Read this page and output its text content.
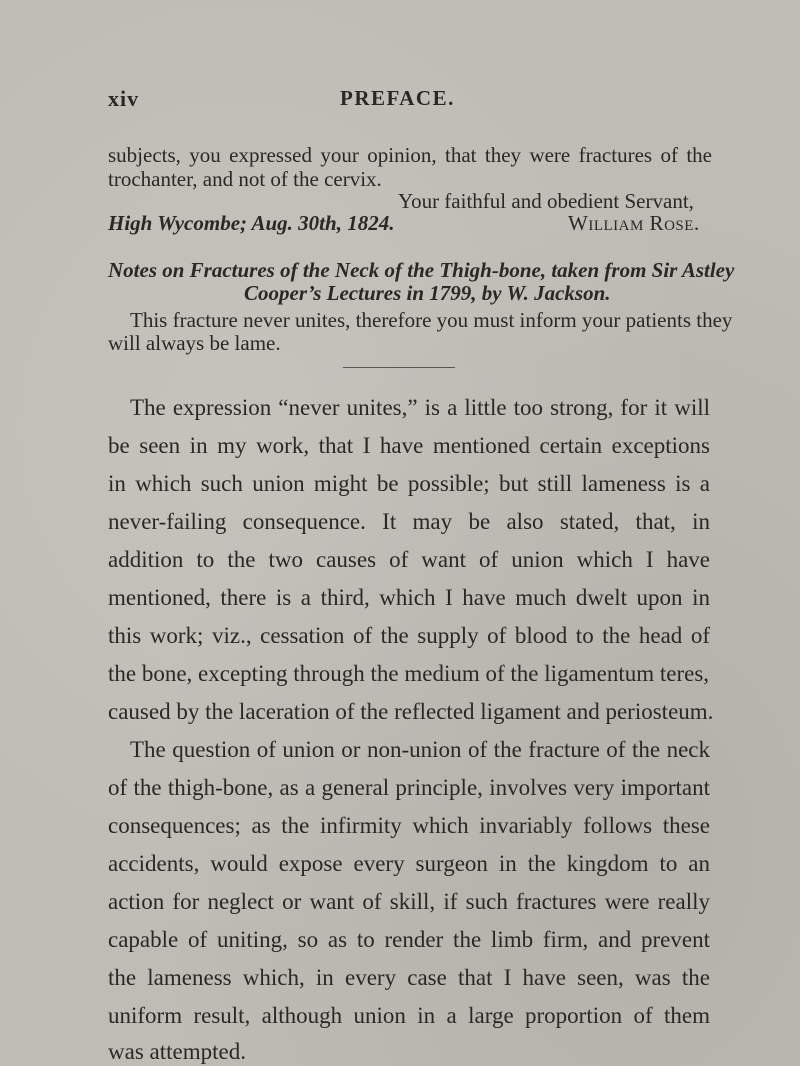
xiv	PREFACE.
subjects, you expressed your opinion, that they were fractures of the
trochanter, and not of the cervix.
Your faithful and obedient Servant,
High Wycombe; Aug. 30th, 1824.	William Rose.
Notes on Fractures of the Neck of the Thigh-bone, taken from Sir Astley
Cooper’s Lectures in 1799, by W. Jackson.
This fracture never unites, therefore you must inform your patients they
will always be lame.
The expression “never unites,” is a little too strong, for it will
be seen in my work, that I have mentioned certain exceptions
in which such union might be possible; but still lameness is a
never-failing consequence. It may be also stated, that, in
addition to the two causes of want of union which I have
mentioned, there is a third, which I have much dwelt upon in
this work; viz., cessation of the supply of blood to the head of
the bone, excepting through the medium of the ligamentum teres,
caused by the laceration of the reflected ligament and periosteum.
The question of union or non-union of the fracture of the neck
of the thigh-bone, as a general principle, involves very important
consequences; as the infirmity which invariably follows these
accidents, would expose every surgeon in the kingdom to an
action for neglect or want of skill, if such fractures were really
capable of uniting, so as to render the limb firm, and prevent
the lameness which, in every case that I have seen, was the
uniform result, although union in a large proportion of them
was attempted.
